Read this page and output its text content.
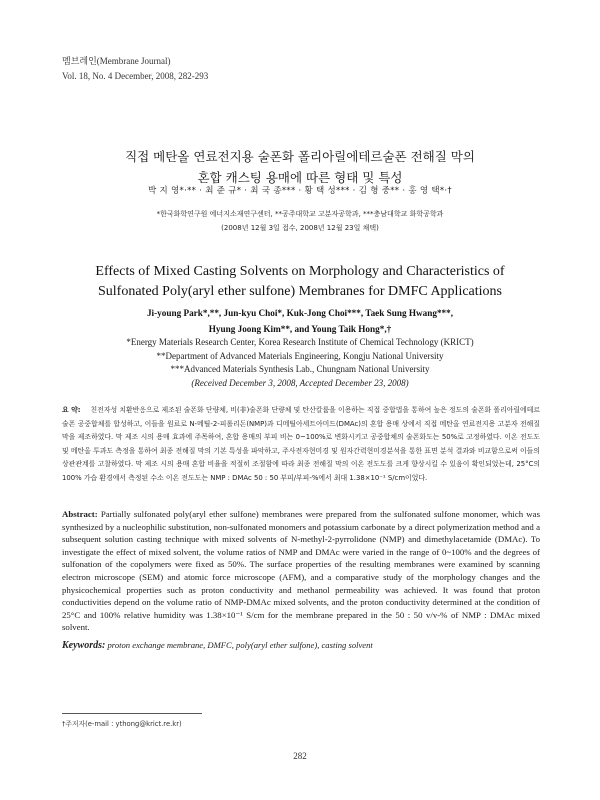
멤브레인(Membrane Journal)
Vol. 18, No. 4 December, 2008, 282-293
직접 메탄올 연료전지용 술폰화 폴리아릴에테르술폰 전해질 막의
혼합 캐스팅 용매에 따른 형태 및 특성
박 지 영*·** · 최 준 규* · 최 국 종*** · 황 택 성*** · 김 형 중** · 홍 영 택*·†
*한국화학연구원 에너지소재연구센터, **공주대학교 고분자공학과, ***충남대학교 화학공학과
(2008년 12월 3일 접수, 2008년 12월 23일 채택)
Effects of Mixed Casting Solvents on Morphology and Characteristics of
Sulfonated Poly(aryl ether sulfone) Membranes for DMFC Applications
Ji-young Park*,**, Jun-kyu Choi*, Kuk-Jong Choi***, Taek Sung Hwang***,
Hyung Joong Kim**, and Young Taik Hong*,†
*Energy Materials Research Center, Korea Research Institute of Chemical Technology (KRICT)
**Department of Advanced Materials Engineering, Kongju National University
***Advanced Materials Synthesis Lab., Chungnam National University
(Received December 3, 2008, Accepted December 23, 2008)
요 약: 친전자성 치환반응으로 제조된 술폰화 단량체, 비(非)술폰화 단량체 및 탄산칼륨을 이용하는 직접 중합법을 통하여 높은 정도의 술폰화 폴리아릴에테르술폰 공중합체를 합성하고, 이들을 원료로 N-메틸-2-피롤리돈(NMP)과 디메틸아세트아미드(DMAc)의 혼합 용매 상에서 직접 메탄올 연료전지용 고분자 전해질 막을 제조하였다. 막 제조 시의 용매 효과에 주목하여, 혼합 용매의 부피 비는 0~100%로 변화시키고 공중합체의 술폰화도는 50%로 고정하였다. 이온 전도도 및 메탄올 투과도 측정을 통하여 최종 전해질 막의 기본 특성을 파악하고, 주사전자현미경 및 원자간력현미경분석을 통한 표면 분석 결과와 비교함으로써 이들의 상관관계를 고찰하였다. 막 제조 시의 용매 혼합 비율을 적절히 조절함에 따라 최종 전해질 막의 이온 전도도를 크게 향상시킬 수 있음이 확인되었는데, 25°C의 100% 가습 환경에서 측정된 수소 이온 전도도는 NMP : DMAc 50 : 50 부피/부피-%에서 최대 1.38×10⁻¹ S/cm이었다.
Abstract: Partially sulfonated poly(aryl ether sulfone) membranes were prepared from the sulfonated sulfone monomer, which was synthesized by a nucleophilic substitution, non-sulfonated monomers and potassium carbonate by a direct polymerization method and a subsequent solution casting technique with mixed solvents of N-methyl-2-pyrrolidone (NMP) and dimethylacetamide (DMAc). To investigate the effect of mixed solvent, the volume ratios of NMP and DMAc were varied in the range of 0~100% and the degrees of sulfonation of the copolymers were fixed as 50%. The surface properties of the resulting membranes were examined by scanning electron microscope (SEM) and atomic force microscope (AFM), and a comparative study of the morphology changes and the physicochemical properties such as proton conductivity and methanol permeability was achieved. It was found that proton conductivities depend on the volume ratio of NMP-DMAc mixed solvents, and the proton conductivity determined at the condition of 25°C and 100% relative humidity was 1.38×10⁻¹ S/cm for the membrane prepared in the 50 : 50 v/v-% of NMP : DMAc mixed solvent.
Keywords: proton exchange membrane, DMFC, poly(aryl ether sulfone), casting solvent
†주저자(e-mail : ythong@krict.re.kr)
282
